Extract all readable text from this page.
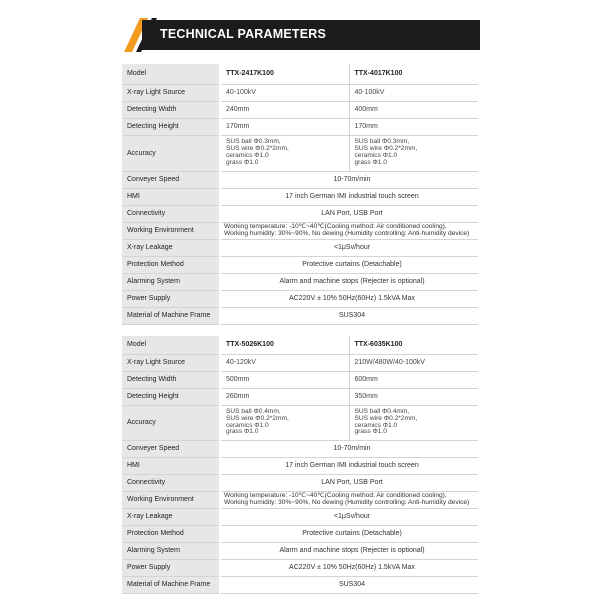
TECHNICAL PARAMETERS
Model	TTX-2417K100	TTX-4017K100
X-ray Light Source	40-100kV	40-100kV
Detecting Width	240mm	400mm
Detecting Height	170mm	170mm
Accuracy	SUS ball Φ0.3mm,
SUS wire Φ0.2*2mm,
ceramics Φ1.0
grass Φ1.0	SUS ball Φ0.3mm,
SUS wire Φ0.2*2mm,
ceramics Φ1.0
grass Φ1.0
Conveyer Speed	10-70m/min	
HMI	17 inch German IMI industrial touch screen	
Connectivity	LAN Port, USB Port	
Working Environment	Working temperature: -10℃~40℃(Cooling method: Air conditioned cooling),
Working humidity: 30%~90%, No dewing (Humidity controlling: Anti-humidity device)	
X-ray Leakage	<1μSv/hour	
Protection Method	Protective curtains (Detachable)	
Alarming System	Alarm and machine stops (Rejecter is optional)	
Power Supply	AC220V ± 10% 50Hz(60Hz) 1.5kVA Max	
Material of Machine Frame	SUS304	
Model	TTX-5026K100	TTX-6035K100
X-ray Light Source	40-120kV	210W/480W/40-100kV
Detecting Width	500mm	600mm
Detecting Height	260mm	350mm
Accuracy	SUS ball Φ0.4mm,
SUS wire Φ0.2*2mm,
ceramics Φ1.0
grass Φ1.0	SUS ball Φ0.4mm,
SUS wire Φ0.2*2mm,
ceramics Φ1.0
grass Φ1.0
Conveyer Speed	10-70m/min	
HMI	17 inch German IMI industrial touch screen	
Connectivity	LAN Port, USB Port	
Working Environment	Working temperature: -10℃~40℃(Cooling method: Air conditioned cooling),
Working humidity: 30%~90%, No dewing (Humidity controlling: Anti-humidity device)	
X-ray Leakage	<1μSv/hour	
Protection Method	Protective curtains (Detachable)	
Alarming System	Alarm and machine stops (Rejecter is optional)	
Power Supply	AC220V ± 10% 50Hz(60Hz) 1.5kVA Max	
Material of Machine Frame	SUS304	
